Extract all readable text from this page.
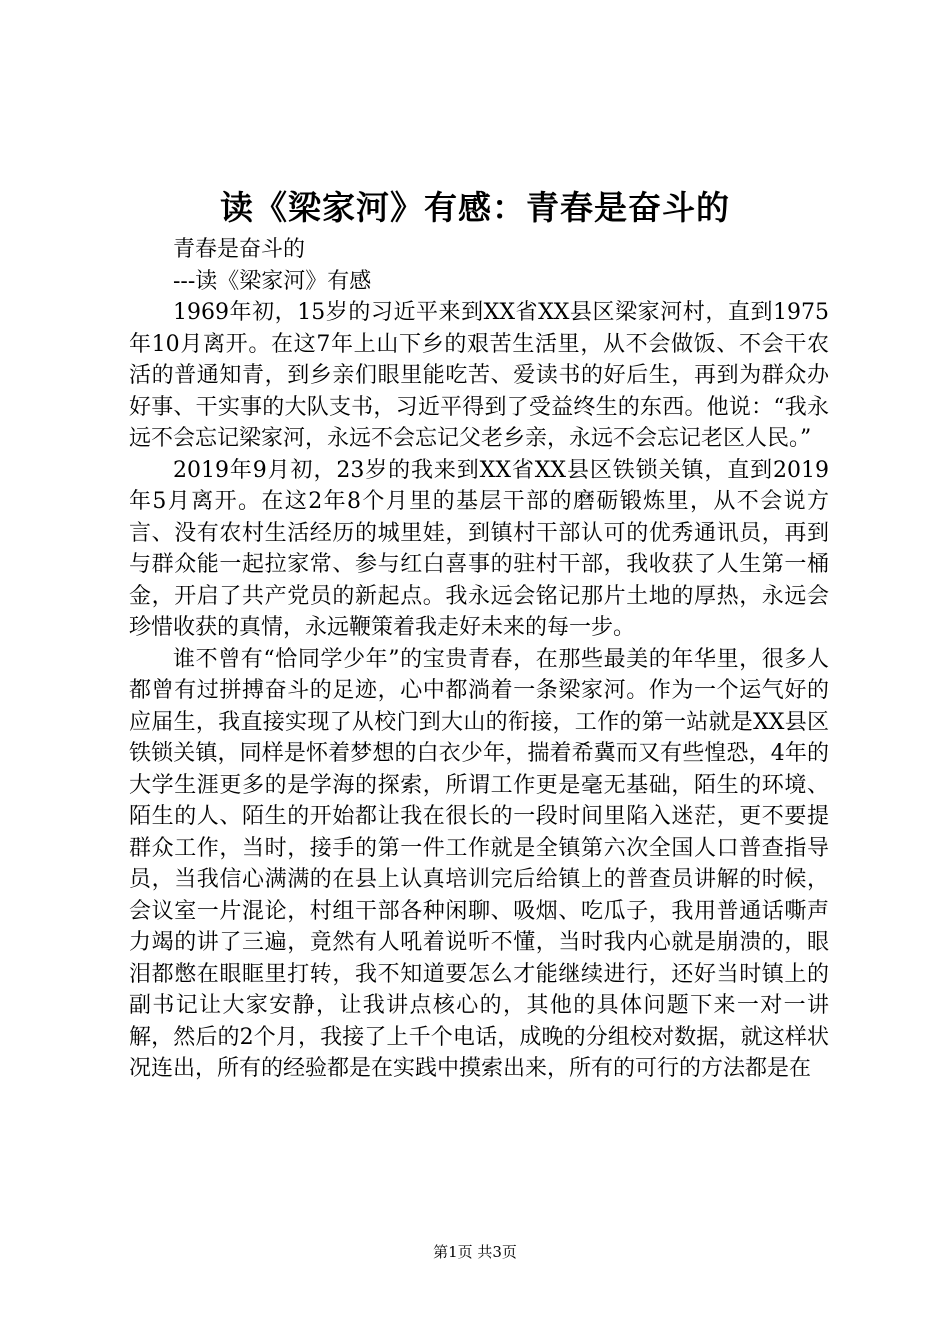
读《梁家河》有感：青春是奋斗的

青春是奋斗的

---读《梁家河》有感

1969年初，15岁的习近平来到XX省XX县区梁家河村，直到1975年10月离开。在这7年上山下乡的艰苦生活里，从不会做饭、不会干农活的普通知青，到乡亲们眼里能吃苦、爱读书的好后生，再到为群众办好事、干实事的大队支书，习近平得到了受益终生的东西。他说：“我永远不会忘记梁家河，永远不会忘记父老乡亲，永远不会忘记老区人民。”

2019年9月初，23岁的我来到XX省XX县区铁锁关镇，直到2019年5月离开。在这2年8个月里的基层干部的磨砺锻炼里，从不会说方言、没有农村生活经历的城里娃，到镇村干部认可的优秀通讯员，再到与群众能一起拉家常、参与红白喜事的驻村干部，我收获了人生第一桶金，开启了共产党员的新起点。我永远会铭记那片土地的厚热，永远会珍惜收获的真情，永远鞭策着我走好未来的每一步。

谁不曾有“恰同学少年”的宝贵青春，在那些最美的年华里，很多人都曾有过拼搏奋斗的足迹，心中都淌着一条梁家河。作为一个运气好的应届生，我直接实现了从校门到大山的衔接，工作的第一站就是XX县区铁锁关镇，同样是怀着梦想的白衣少年，揣着希冀而又有些惶恐，4年的大学生涯更多的是学海的探索，所谓工作更是毫无基础，陌生的环境、陌生的人、陌生的开始都让我在很长的一段时间里陷入迷茫，更不要提群众工作，当时，接手的第一件工作就是全镇第六次全国人口普查指导员，当我信心满满的在县上认真培训完后给镇上的普查员讲解的时候，会议室一片混论，村组干部各种闲聊、吸烟、吃瓜子，我用普通话嘶声力竭的讲了三遍，竟然有人吼着说听不懂，当时我内心就是崩溃的，眼泪都憋在眼眶里打转，我不知道要怎么才能继续进行，还好当时镇上的副书记让大家安静，让我讲点核心的，其他的具体问题下来一对一讲解，然后的2个月，我接了上千个电话，成晚的分组校对数据，就这样状况连出，所有的经验都是在实践中摸索出来，所有的可行的方法都是在

第1页 共3页
